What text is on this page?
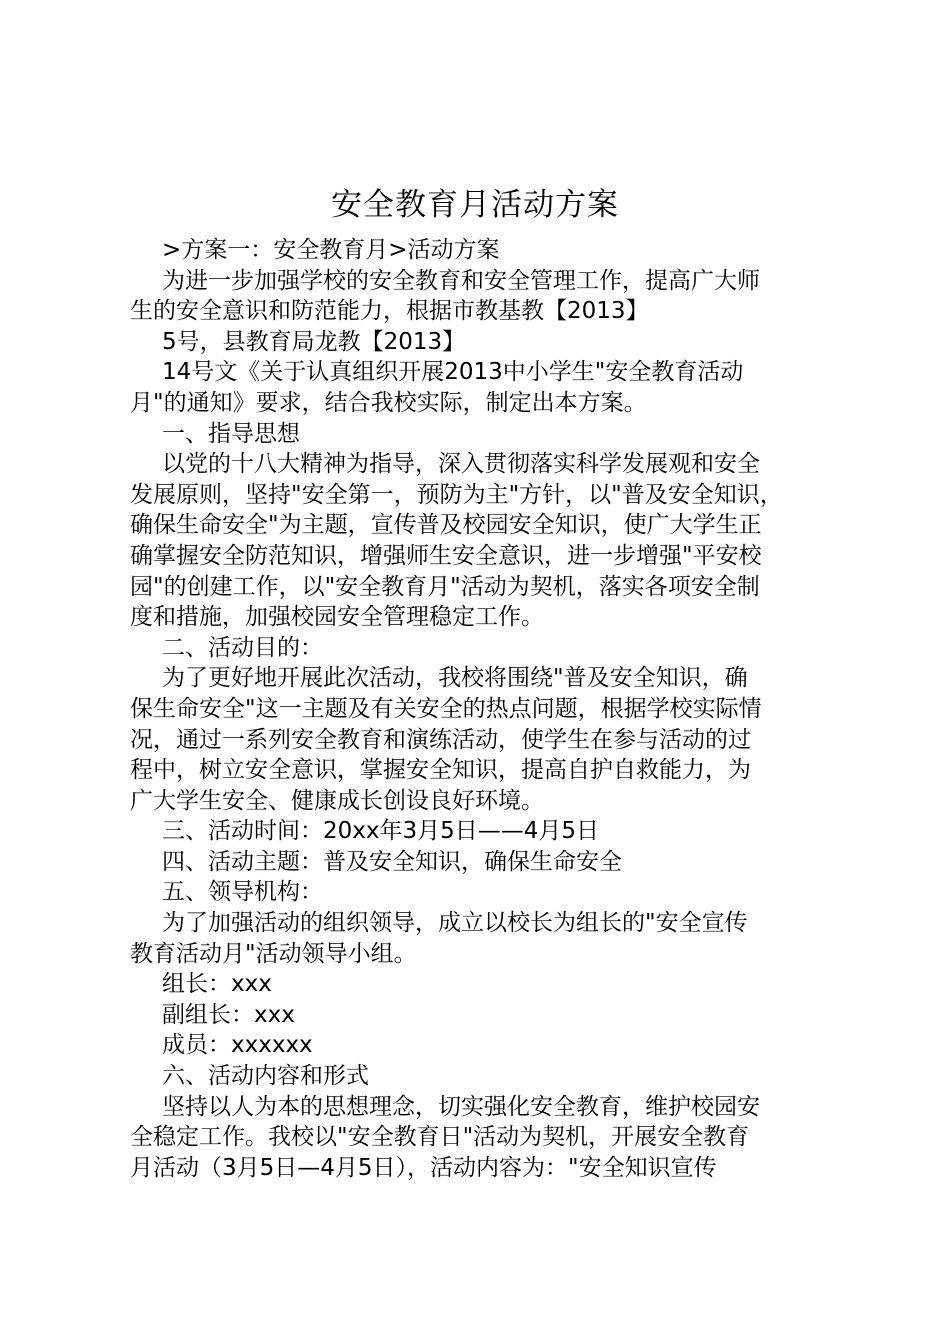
安全教育月活动方案

>方案一：安全教育月>活动方案

为进一步加强学校的安全教育和安全管理工作，提高广大师

生的安全意识和防范能力，根据市教基教【2013】

5号，县教育局龙教【2013】

14号文《关于认真组织开展2013中小学生"安全教育活动

月"的通知》要求，结合我校实际，制定出本方案。

一、指导思想

以党的十八大精神为指导，深入贯彻落实科学发展观和安全

发展原则，坚持"安全第一，预防为主"方针，以"普及安全知识，

确保生命安全"为主题，宣传普及校园安全知识，使广大学生正

确掌握安全防范知识，增强师生安全意识，进一步增强"平安校

园"的创建工作，以"安全教育月"活动为契机，落实各项安全制

度和措施，加强校园安全管理稳定工作。

二、活动目的：

为了更好地开展此次活动，我校将围绕"普及安全知识，确

保生命安全"这一主题及有关安全的热点问题，根据学校实际情

况，通过一系列安全教育和演练活动，使学生在参与活动的过

程中，树立安全意识，掌握安全知识，提高自护自救能力，为

广大学生安全、健康成长创设良好环境。

三、活动时间：20xx年3月5日——4月5日

四、活动主题：普及安全知识，确保生命安全

五、领导机构：

为了加强活动的组织领导，成立以校长为组长的"安全宣传

教育活动月"活动领导小组。

组长：xxx

副组长：xxx

成员：xxxxxx

六、活动内容和形式

坚持以人为本的思想理念，切实强化安全教育，维护校园安

全稳定工作。我校以"安全教育日"活动为契机，开展安全教育

月活动（3月5日—4月5日），活动内容为："安全知识宣传
